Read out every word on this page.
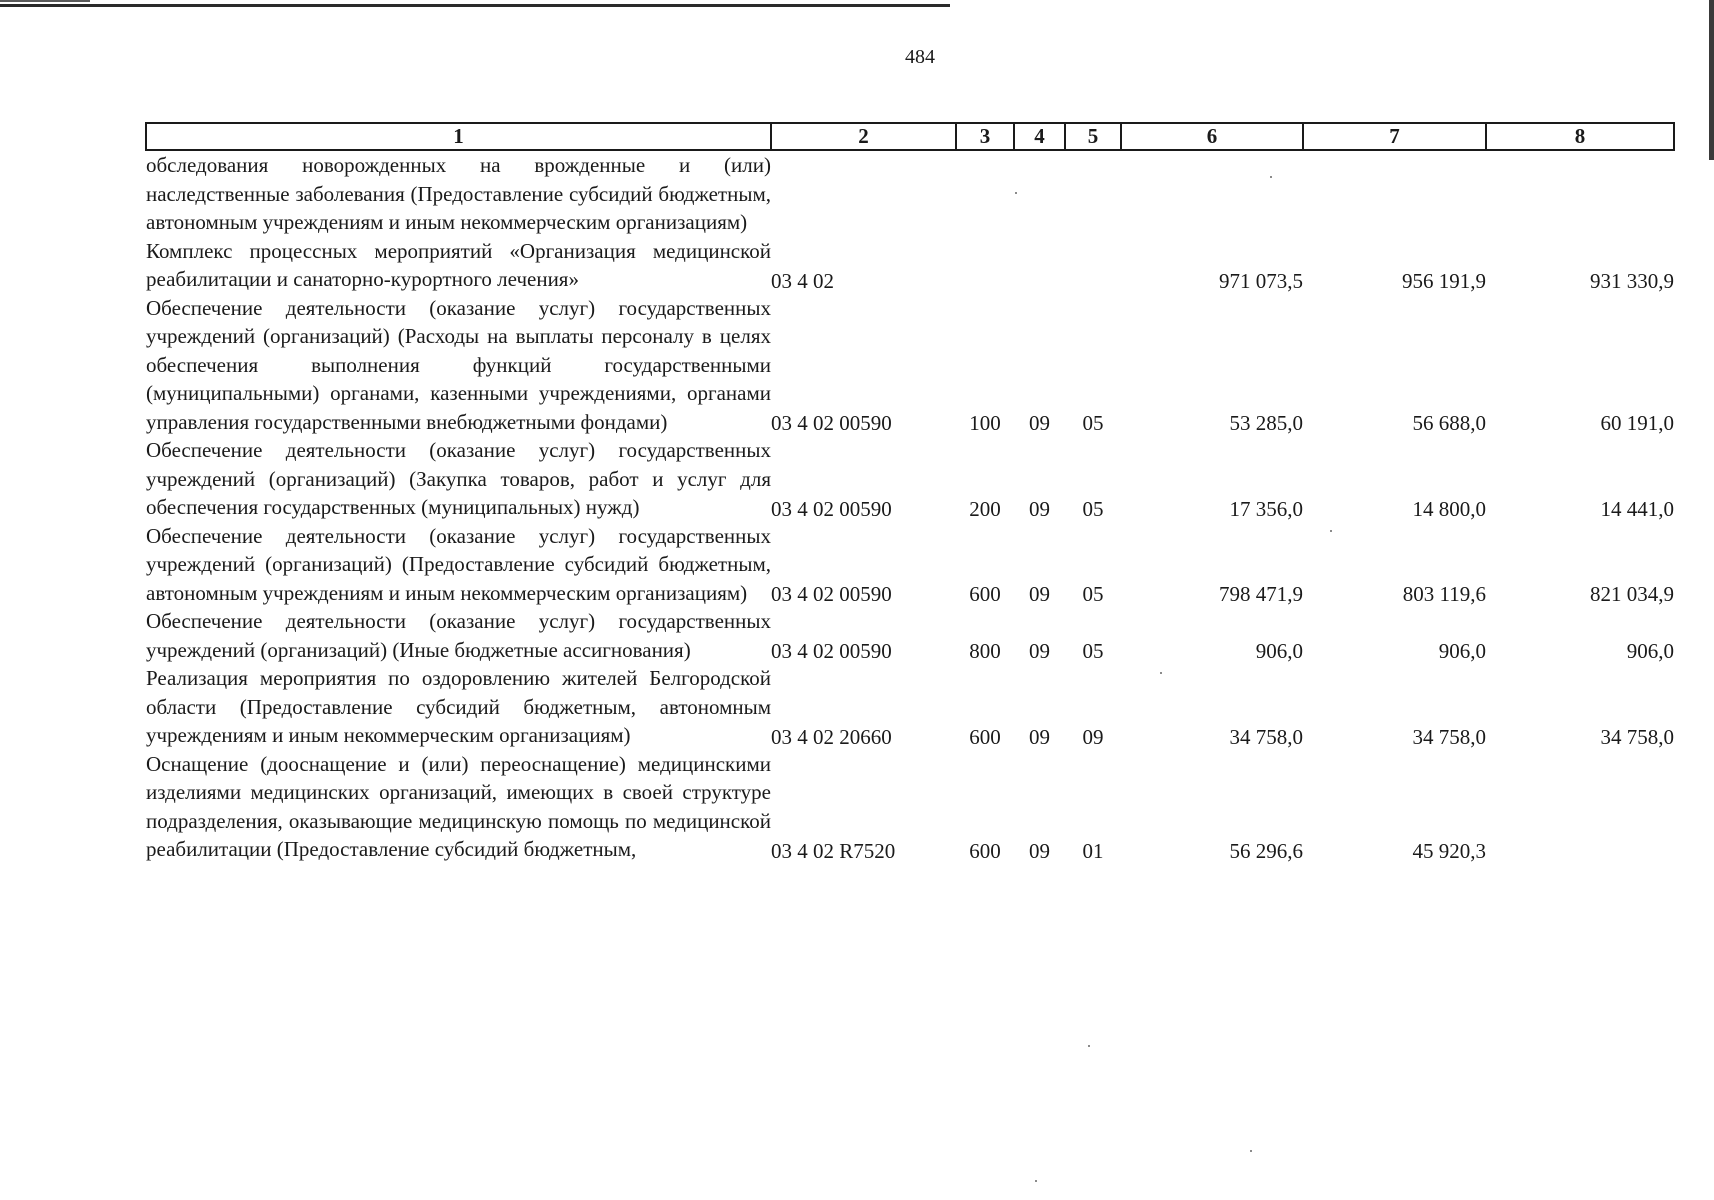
484
1	2	3	4	5	6	7	8
обследования новорожденных на врожденные и (или) наследственные заболевания (Предоставление субсидий бюджетным, автономным учреждениям и иным некоммерческим организациям)							
Комплекс процессных мероприятий «Организация медицинской реабилитации и санаторно-курортного лечения»	03 4 02				971 073,5	956 191,9	931 330,9
Обеспечение деятельности (оказание услуг) государственных учреждений (организаций) (Расходы на выплаты персоналу в целях обеспечения выполнения функций государственными (муниципальными) органами, казенными учреждениями, органами управления государственными внебюджетными фондами)	03 4 02 00590	100	09	05	53 285,0	56 688,0	60 191,0
Обеспечение деятельности (оказание услуг) государственных учреждений (организаций) (Закупка товаров, работ и услуг для обеспечения государственных (муниципальных) нужд)	03 4 02 00590	200	09	05	17 356,0	14 800,0	14 441,0
Обеспечение деятельности (оказание услуг) государственных учреждений (организаций) (Предоставление субсидий бюджетным, автономным учреждениям и иным некоммерческим организациям)	03 4 02 00590	600	09	05	798 471,9	803 119,6	821 034,9
Обеспечение деятельности (оказание услуг) государственных учреждений (организаций) (Иные бюджетные ассигнования)	03 4 02 00590	800	09	05	906,0	906,0	906,0
Реализация мероприятия по оздоровлению жителей Белгородской области (Предоставление субсидий бюджетным, автономным учреждениям и иным некоммерческим организациям)	03 4 02 20660	600	09	09	34 758,0	34 758,0	34 758,0
Оснащение (дооснащение и (или) переоснащение) медицинскими изделиями медицинских организаций, имеющих в своей структуре подразделения, оказывающие медицинскую помощь по медицинской реабилитации (Предоставление субсидий бюджетным,	03 4 02 R7520	600	09	01	56 296,6	45 920,3	
